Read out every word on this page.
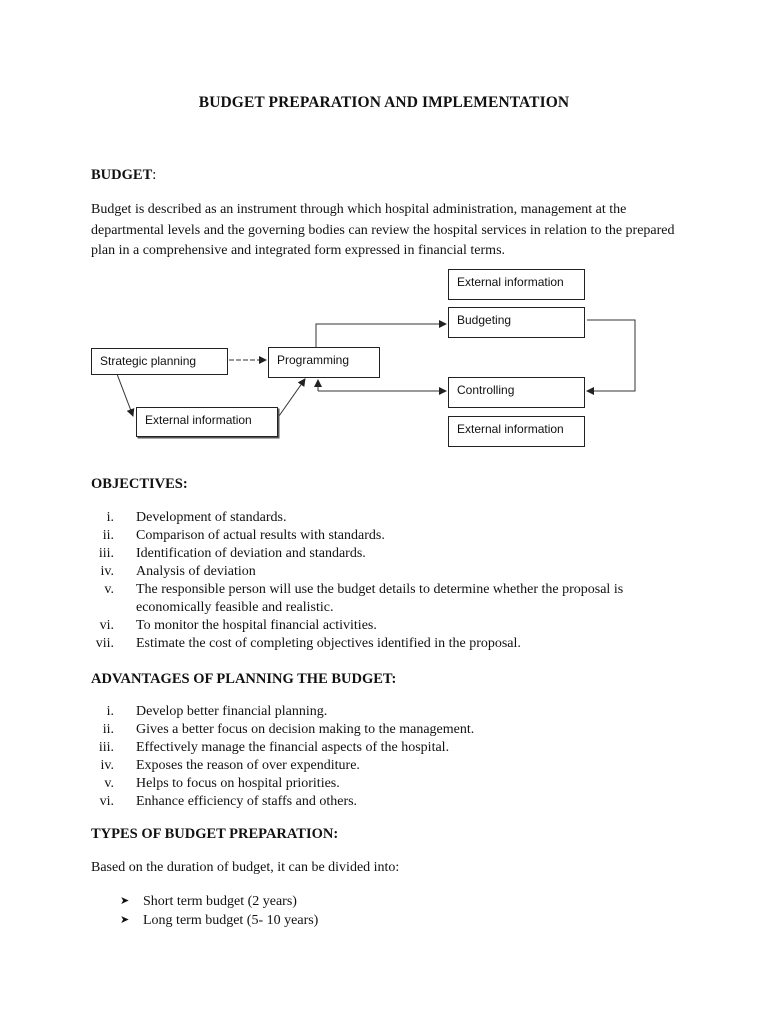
BUDGET PREPARATION AND IMPLEMENTATION
BUDGET:
Budget is described as an instrument through which hospital administration, management at the departmental levels and the governing bodies can review the hospital services in relation to the prepared plan in a comprehensive and integrated form expressed in financial terms.
Strategic planning	Programming
External information
External information
Budgeting
Controlling
External information
OBJECTIVES:
i. Development of standards.
ii. Comparison of actual results with standards.
iii. Identification of deviation and standards.
iv. Analysis of deviation
v. The responsible person will use the budget details to determine whether the proposal is economically feasible and realistic.
vi. To monitor the hospital financial activities.
vii. Estimate the cost of completing objectives identified in the proposal.
ADVANTAGES OF PLANNING THE BUDGET:
i. Develop better financial planning.
ii. Gives a better focus on decision making to the management.
iii. Effectively manage the financial aspects of the hospital.
iv. Exposes the reason of over expenditure.
v. Helps to focus on hospital priorities.
vi. Enhance efficiency of staffs and others.
TYPES OF BUDGET PREPARATION:
Based on the duration of budget, it can be divided into:
➤ Short term budget (2 years)
➤ Long term budget (5- 10 years)
